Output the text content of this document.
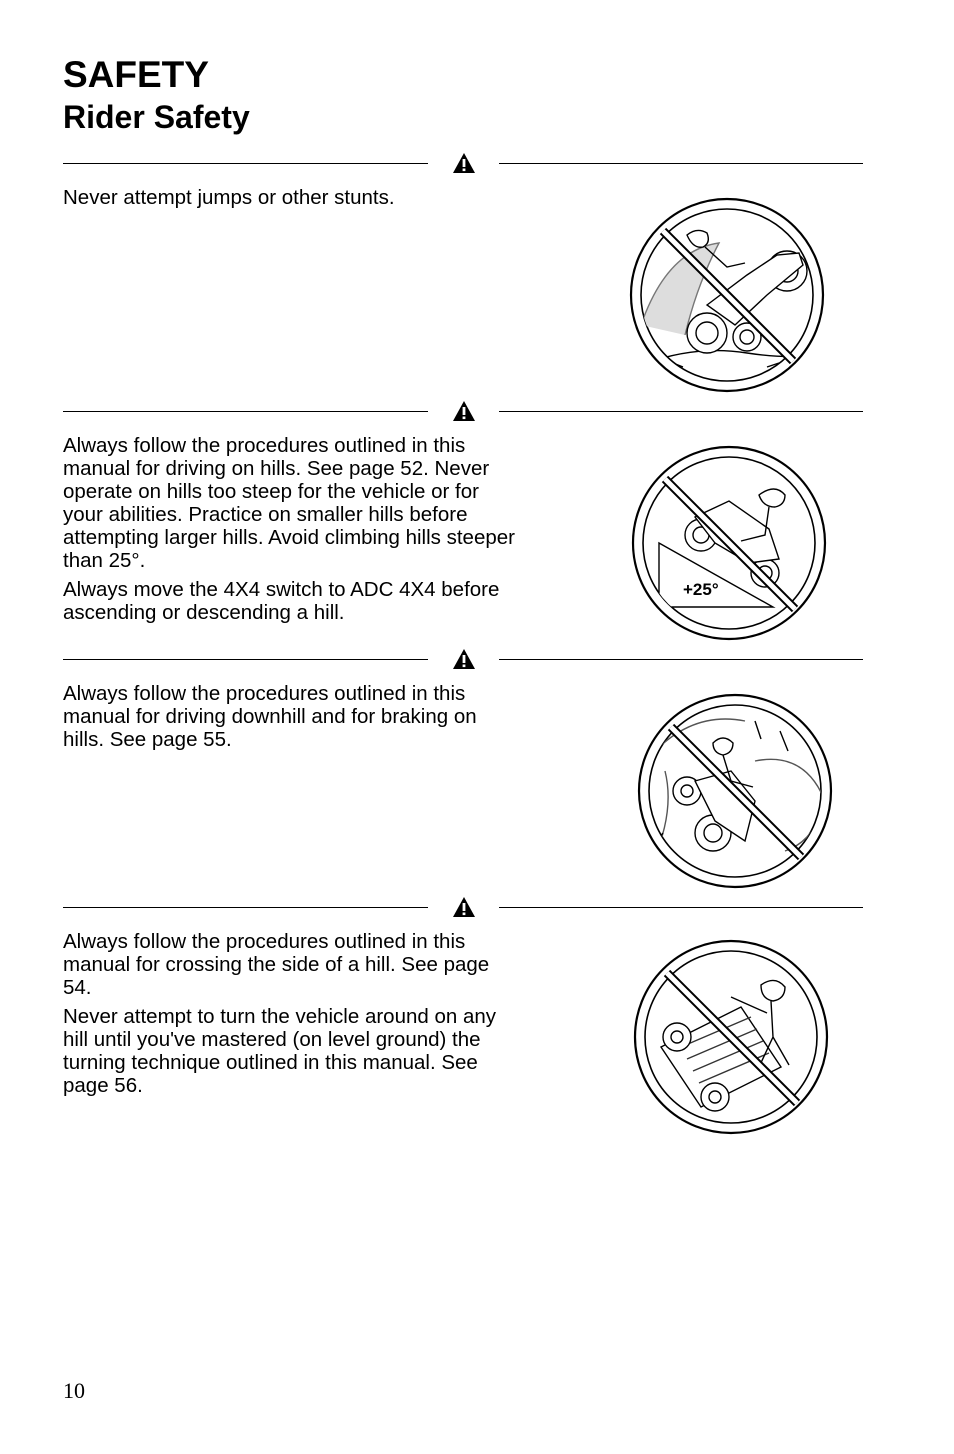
SAFETY
Rider Safety

Never attempt jumps or other stunts.

Always follow the procedures outlined in this manual for driving on hills. See page 52. Never operate on hills too steep for the vehicle or for your abilities. Practice on smaller hills before attempting larger hills. Avoid climbing hills steeper than 25°.

Always move the 4X4 switch to ADC 4X4 before ascending or descending a hill.

+25°

Always follow the procedures outlined in this manual for driving downhill and for braking on hills. See page 55.

Always follow the procedures outlined in this manual for crossing the side of a hill. See page 54.

Never attempt to turn the vehicle around on any hill until you've mastered (on level ground) the turning technique outlined in this manual. See page 56.

10
